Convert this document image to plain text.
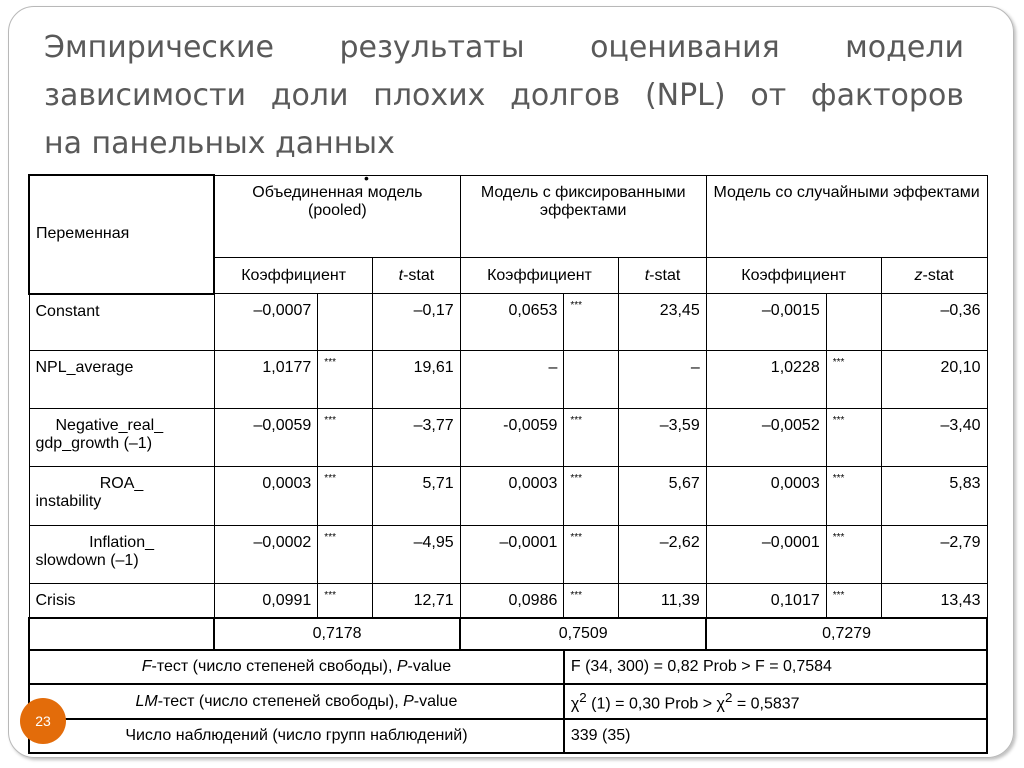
Эмпирические результаты оценивания модели
зависимости доли плохих долгов (NPL) от факторов
на панельных данных
•
Переменная	Объединенная модель (pooled)			Модель с фиксированными эффектами			Модель со случайными эффектами		
	Коэффициент		t-stat	Коэффициент		t-stat	Коэффициент		z-stat
Constant	–0,0007		–0,17	0,0653	***	23,45	–0,0015		–0,36
NPL_average	1,0177	***	19,61	–		–	1,0228	***	20,10

Negative_real_
gdp_growth (–1)	–0,0059	***	–3,77	-0,0059	***	–3,59	–0,0052	***	–3,40

ROA_
instability	0,0003	***	5,71	0,0003	***	5,67	0,0003	***	5,83

Inflation_
slowdown (–1)	–0,0002	***	–4,95	–0,0001	***	–2,62	–0,0001	***	–2,79
Crisis	0,0991	***	12,71	0,0986	***	11,39	0,1017	***	13,43
	0,7178			0,7509			0,7279		
F-тест (число степеней свободы), P-value					F (34, 300) = 0,82 Prob > F = 0,7584				
LM-тест (число степеней свободы), P-value					$\chi^2$ (1) = 0,30 Prob > $\chi^2 = 0,5837$				
Число наблюдений (число групп наблюдений)					339 (35)				
23
